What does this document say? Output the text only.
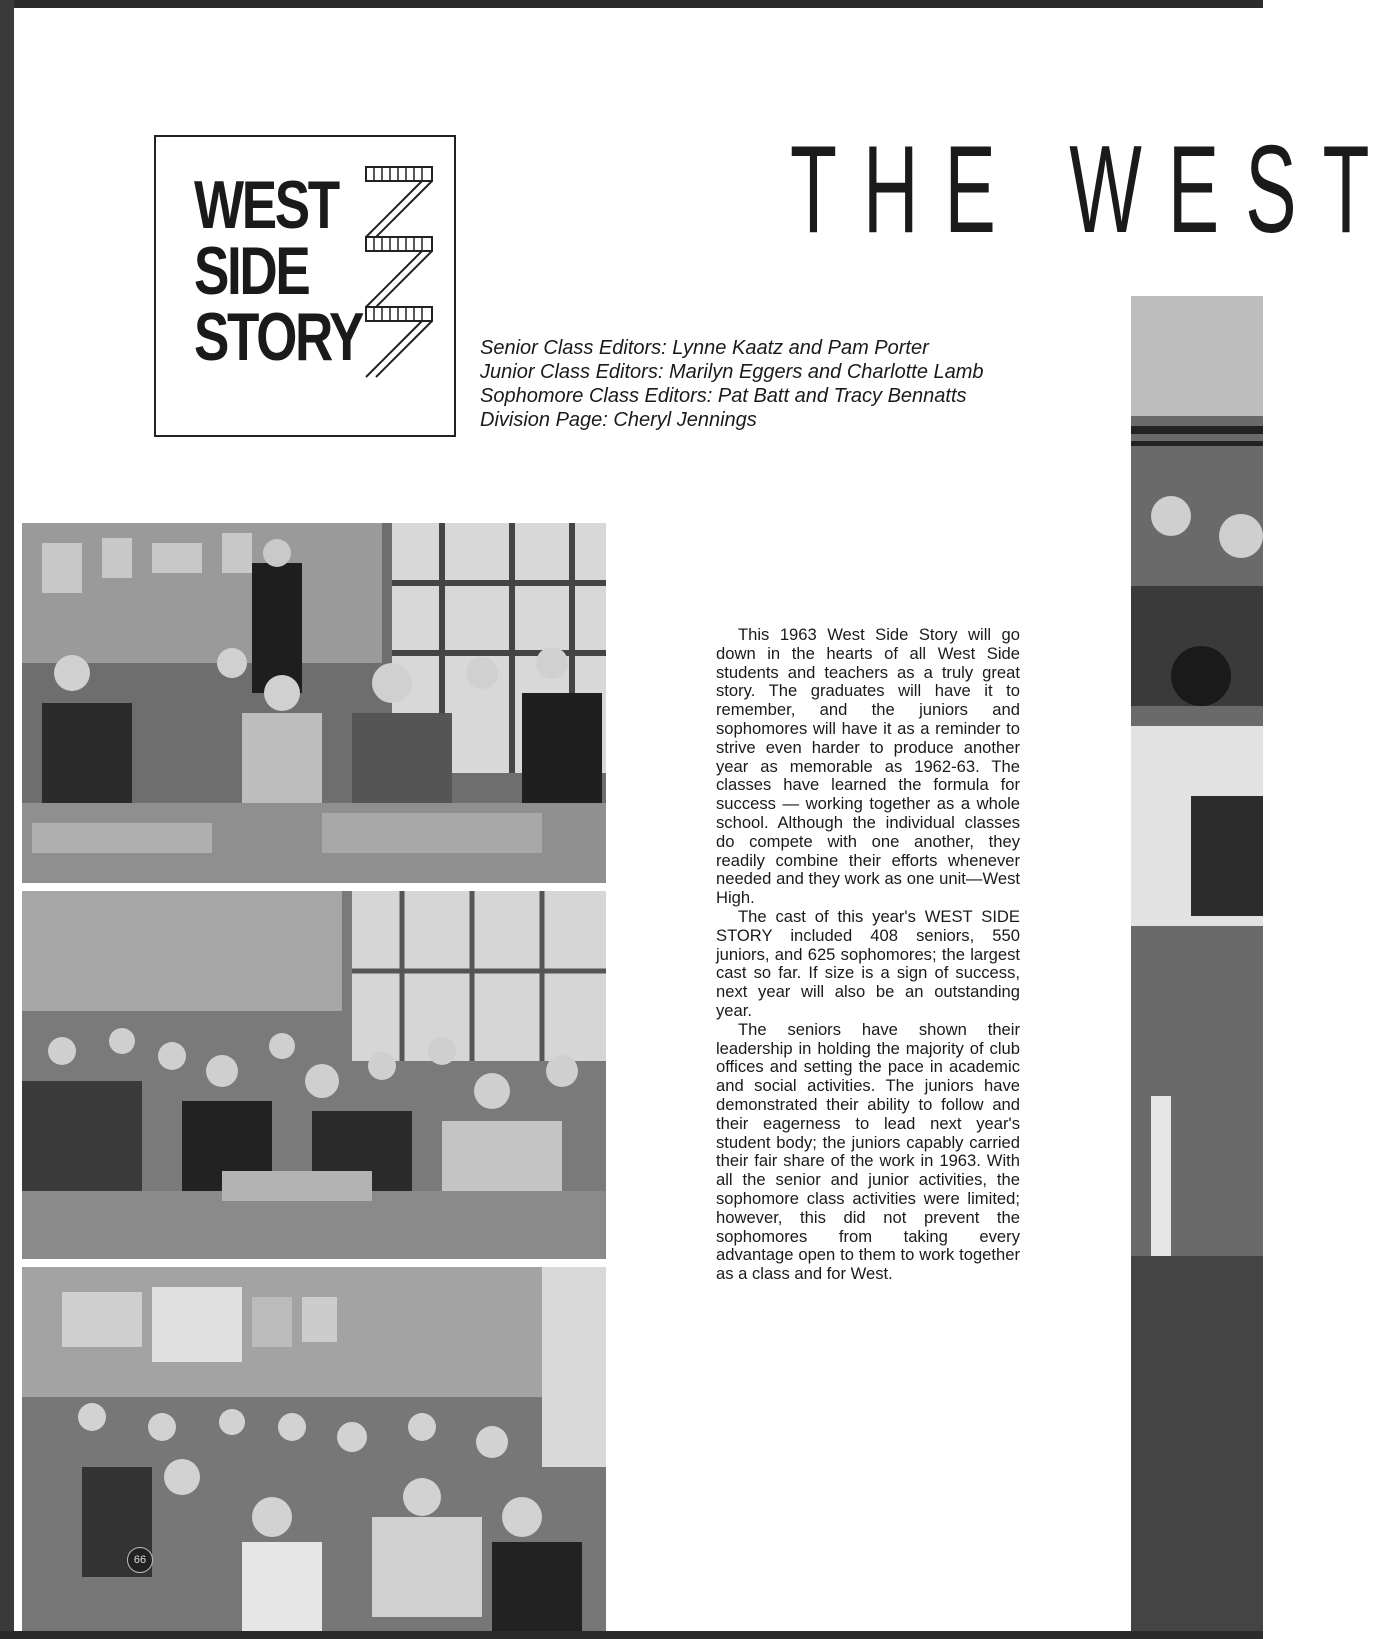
WEST
SIDE
STORY
THE WEST
Senior Class Editors: Lynne Kaatz and Pam Porter
Junior Class Editors: Marilyn Eggers and Charlotte Lamb
Sophomore Class Editors: Pat Batt and Tracy Bennatts
Division Page: Cheryl Jennings
66

This 1963 West Side Story will go down in the hearts of all West Side students and teachers as a truly great story. The graduates will have it to remember, and the juniors and sophomores will have it as a reminder to strive even harder to produce another year as memorable as 1962-63. The classes have learned the formula for success — working together as a whole school. Although the individual classes do compete with one another, they readily combine their efforts whenever needed and they work as one unit—West High.

The cast of this year's WEST SIDE STORY included 408 seniors, 550 juniors, and 625 sophomores; the largest cast so far. If size is a sign of success, next year will also be an outstanding year.

The seniors have shown their leadership in holding the majority of club offices and setting the pace in academic and social activities. The juniors have demonstrated their ability to follow and their eagerness to lead next year's student body; the juniors capably carried their fair share of the work in 1963. With all the senior and junior activities, the sophomore class activities were limited; however, this did not prevent the sophomores from taking every advantage open to them to work together as a class and for West.
